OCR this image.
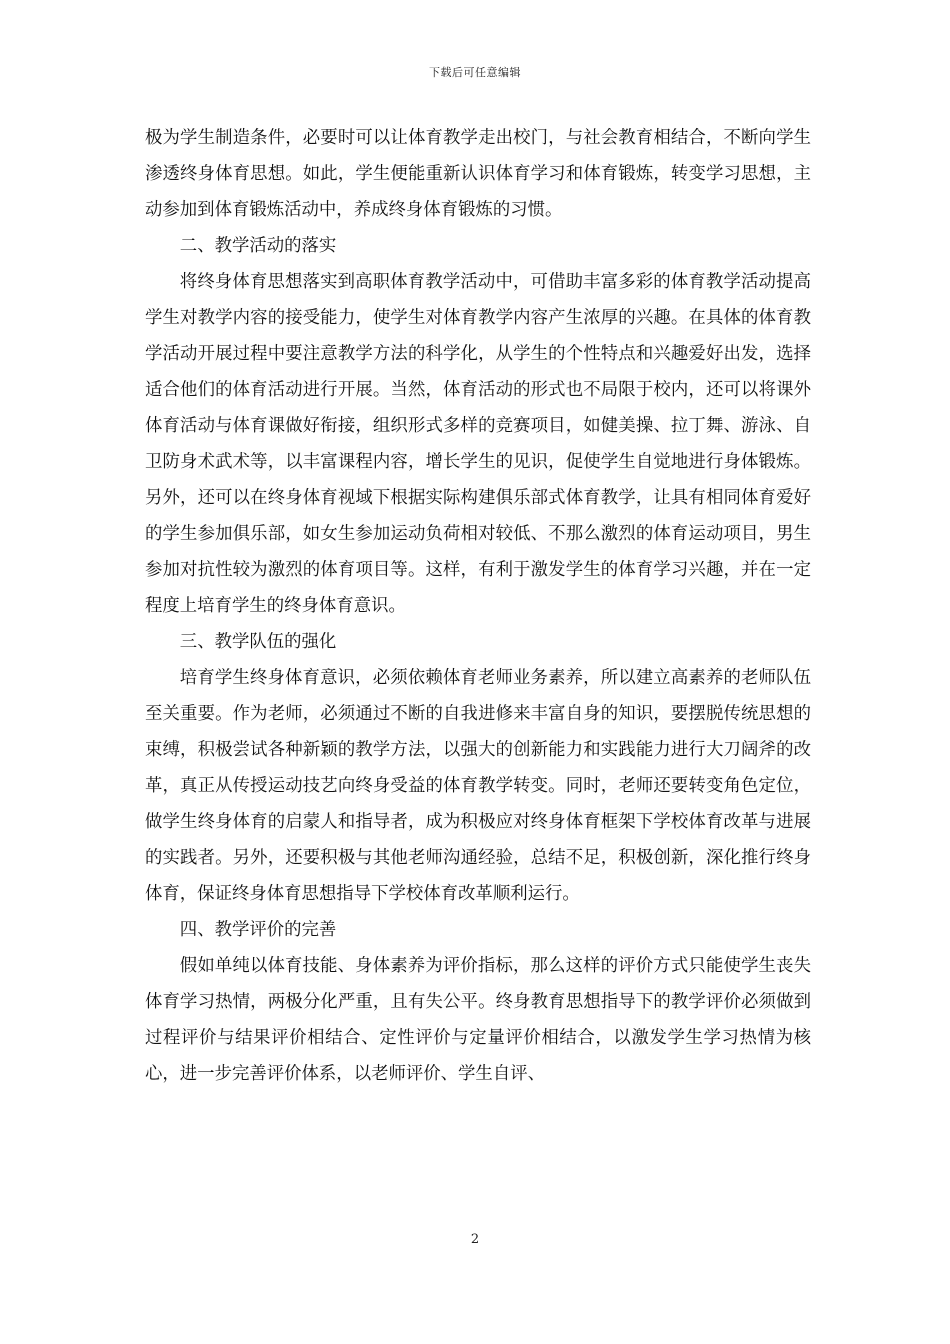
下载后可任意编辑

极为学生制造条件，必要时可以让体育教学走出校门，与社会教育相结合，不断向学生渗透终身体育思想。如此，学生便能重新认识体育学习和体育锻炼，转变学习思想，主动参加到体育锻炼活动中，养成终身体育锻炼的习惯。

二、教学活动的落实

将终身体育思想落实到高职体育教学活动中，可借助丰富多彩的体育教学活动提高学生对教学内容的接受能力，使学生对体育教学内容产生浓厚的兴趣。在具体的体育教学活动开展过程中要注意教学方法的科学化，从学生的个性特点和兴趣爱好出发，选择适合他们的体育活动进行开展。当然，体育活动的形式也不局限于校内，还可以将课外体育活动与体育课做好衔接，组织形式多样的竞赛项目，如健美操、拉丁舞、游泳、自卫防身术武术等，以丰富课程内容，增长学生的见识，促使学生自觉地进行身体锻炼。另外，还可以在终身体育视域下根据实际构建俱乐部式体育教学，让具有相同体育爱好的学生参加俱乐部，如女生参加运动负荷相对较低、不那么激烈的体育运动项目，男生参加对抗性较为激烈的体育项目等。这样，有利于激发学生的体育学习兴趣，并在一定程度上培育学生的终身体育意识。

三、教学队伍的强化

培育学生终身体育意识，必须依赖体育老师业务素养，所以建立高素养的老师队伍至关重要。作为老师，必须通过不断的自我进修来丰富自身的知识，要摆脱传统思想的束缚，积极尝试各种新颖的教学方法，以强大的创新能力和实践能力进行大刀阔斧的改革，真正从传授运动技艺向终身受益的体育教学转变。同时，老师还要转变角色定位，做学生终身体育的启蒙人和指导者，成为积极应对终身体育框架下学校体育改革与进展的实践者。另外，还要积极与其他老师沟通经验，总结不足，积极创新，深化推行终身体育，保证终身体育思想指导下学校体育改革顺利运行。

四、教学评价的完善

假如单纯以体育技能、身体素养为评价指标，那么这样的评价方式只能使学生丧失体育学习热情，两极分化严重，且有失公平。终身教育思想指导下的教学评价必须做到过程评价与结果评价相结合、定性评价与定量评价相结合，以激发学生学习热情为核心，进一步完善评价体系，以老师评价、学生自评、

2
